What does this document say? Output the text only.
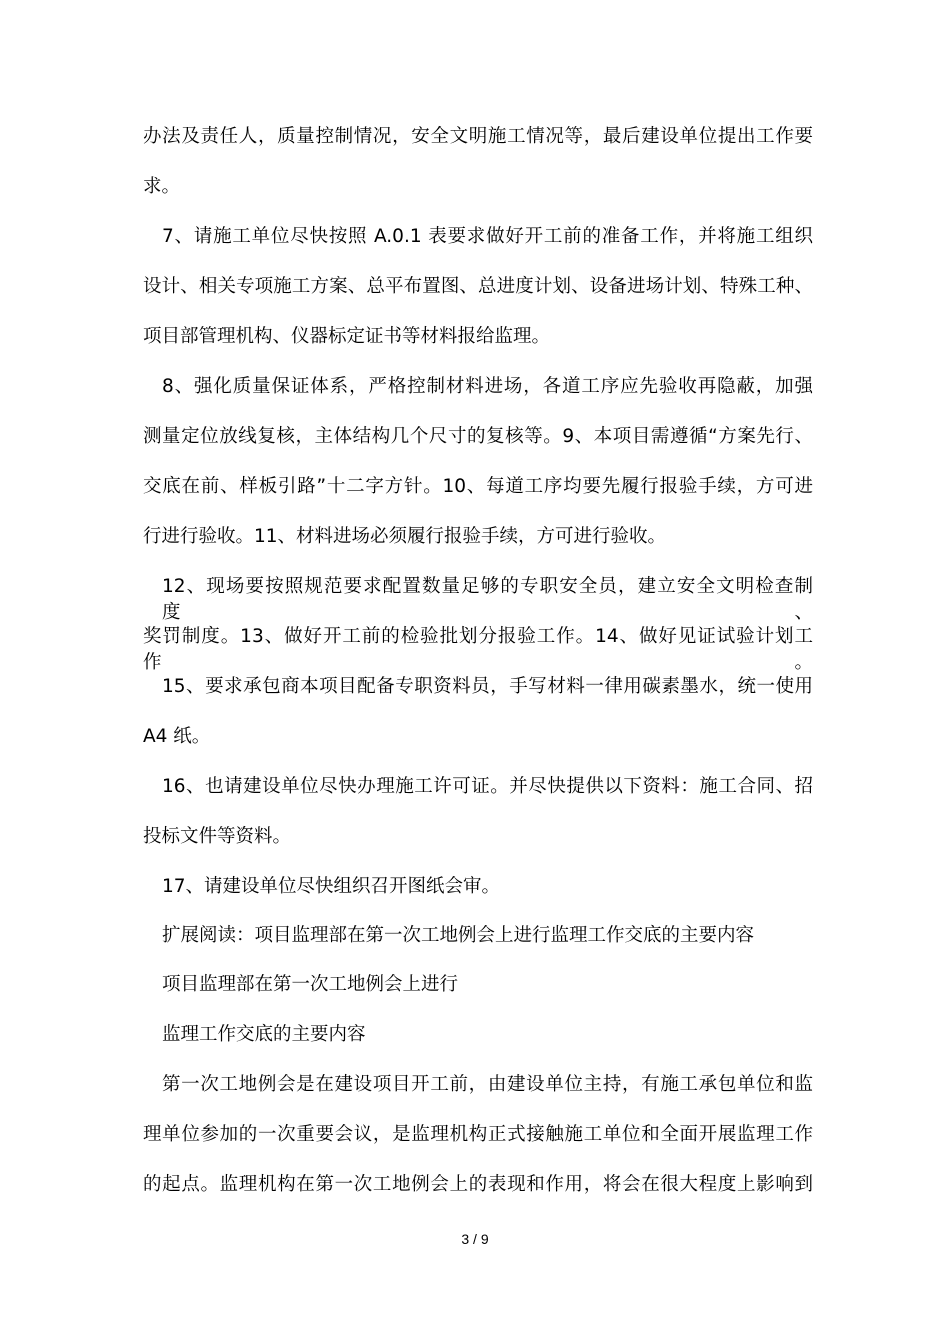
办法及责任人，质量控制情况，安全文明施工情况等，最后建设单位提出工作要
求。
7、请施工单位尽快按照 A.0.1 表要求做好开工前的准备工作，并将施工组织
设计、相关专项施工方案、总平布置图、总进度计划、设备进场计划、特殊工种、
项目部管理机构、仪器标定证书等材料报给监理。
8、强化质量保证体系，严格控制材料进场，各道工序应先验收再隐蔽，加强
测量定位放线复核，主体结构几个尺寸的复核等。9、本项目需遵循“方案先行、
交底在前、样板引路”十二字方针。10、每道工序均要先履行报验手续，方可进
行进行验收。11、材料进场必须履行报验手续，方可进行验收。
12、现场要按照规范要求配置数量足够的专职安全员，建立安全文明检查制度、
奖罚制度。13、做好开工前的检验批划分报验工作。14、做好见证试验计划工作。
15、要求承包商本项目配备专职资料员，手写材料一律用碳素墨水，统一使用
A4 纸。
16、也请建设单位尽快办理施工许可证。并尽快提供以下资料：施工合同、招
投标文件等资料。
17、请建设单位尽快组织召开图纸会审。
扩展阅读：项目监理部在第一次工地例会上进行监理工作交底的主要内容
项目监理部在第一次工地例会上进行
监理工作交底的主要内容
第一次工地例会是在建设项目开工前，由建设单位主持，有施工承包单位和监
理单位参加的一次重要会议，是监理机构正式接触施工单位和全面开展监理工作
的起点。监理机构在第一次工地例会上的表现和作用，将会在很大程度上影响到
3 / 9
